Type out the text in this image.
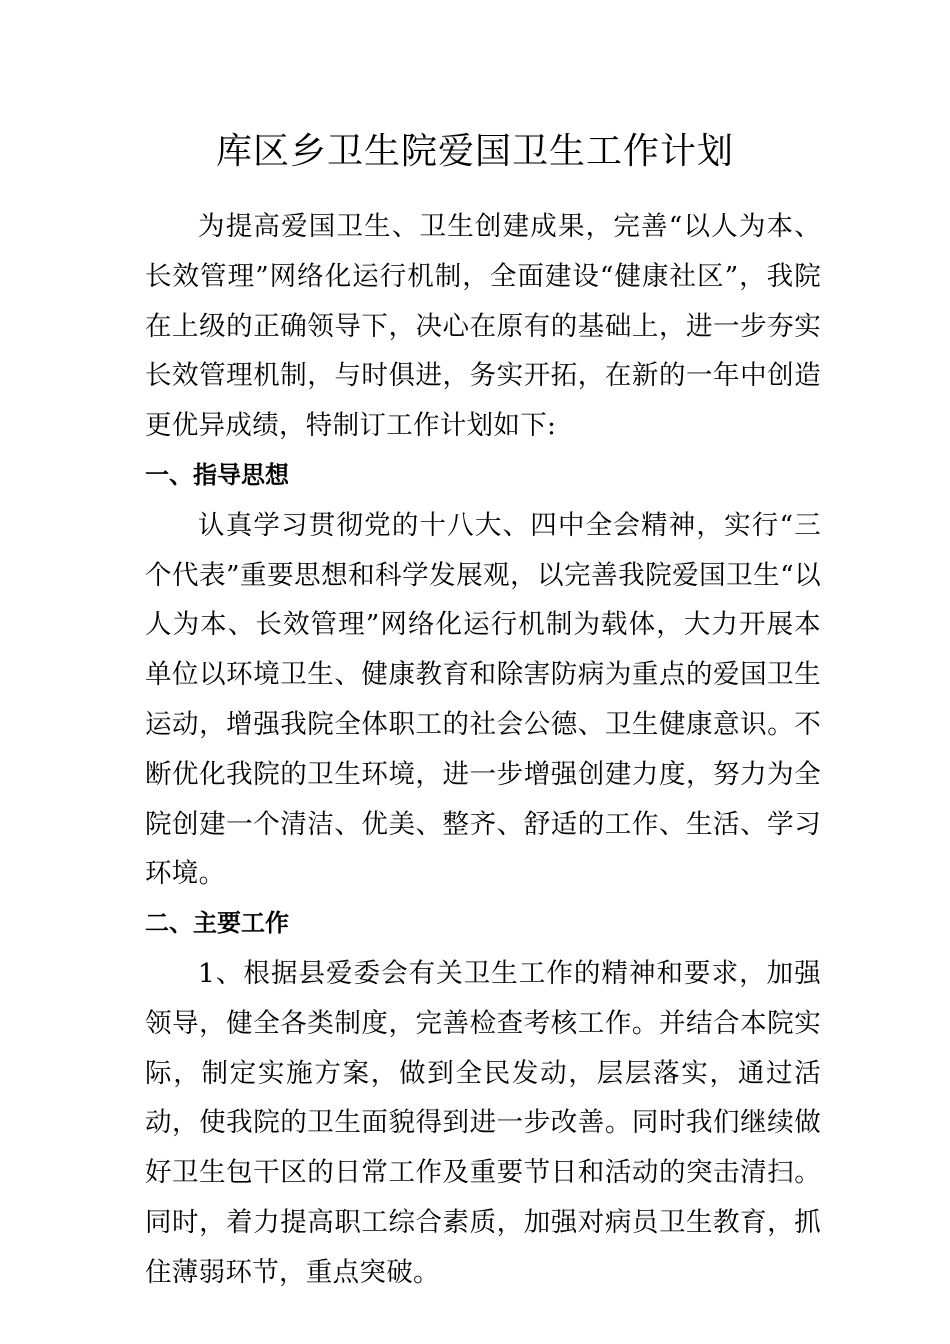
库区乡卫生院爱国卫生工作计划

为提高爱国卫生、卫生创建成果，完善“以人为本、长效管理”网络化运行机制，全面建设“健康社区”，我院在上级的正确领导下，决心在原有的基础上，进一步夯实长效管理机制，与时俱进，务实开拓，在新的一年中创造更优异成绩，特制订工作计划如下:

一、指导思想

认真学习贯彻党的十八大、四中全会精神，实行“三个代表”重要思想和科学发展观，以完善我院爱国卫生“以人为本、长效管理”网络化运行机制为载体，大力开展本单位以环境卫生、健康教育和除害防病为重点的爱国卫生运动，增强我院全体职工的社会公德、卫生健康意识。不断优化我院的卫生环境，进一步增强创建力度，努力为全院创建一个清洁、优美、整齐、舒适的工作、生活、学习环境。

二、主要工作

1、根据县爱委会有关卫生工作的精神和要求，加强领导，健全各类制度，完善检查考核工作。并结合本院实际，制定实施方案，做到全民发动，层层落实，通过活动，使我院的卫生面貌得到进一步改善。同时我们继续做好卫生包干区的日常工作及重要节日和活动的突击清扫。同时，着力提高职工综合素质，加强对病员卫生教育，抓住薄弱环节，重点突破。
